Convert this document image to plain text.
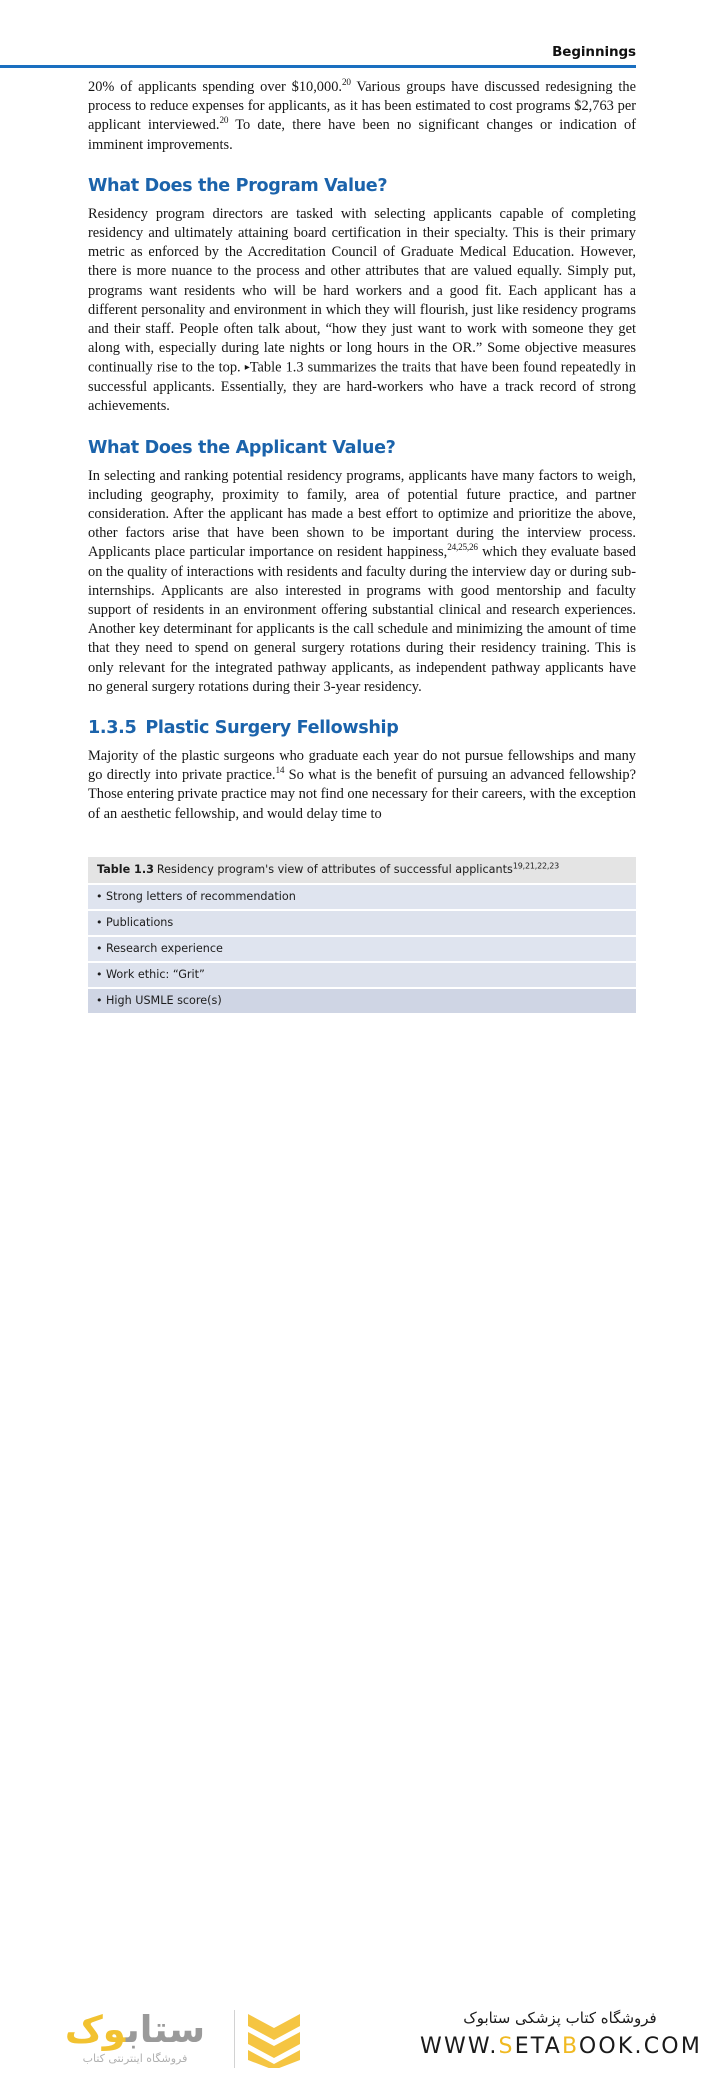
Beginnings

20% of applicants spending over $10,000.20 Various groups have discussed redesigning the process to reduce expenses for applicants, as it has been estimated to cost programs $2,763 per applicant interviewed.$^{20}$ To date, there have been no significant changes or indication of imminent improvements.

What Does the Program Value?

Residency program directors are tasked with selecting applicants capable of completing residency and ultimately attaining board certification in their specialty. This is their primary metric as enforced by the Accreditation Council of Graduate Medical Education. However, there is more nuance to the process and other attributes that are valued equally. Simply put, programs want residents who will be hard workers and a good fit. Each applicant has a different personality and environment in which they will flourish, just like residency programs and their staff. People often talk about, “how they just want to work with someone they get along with, especially during late nights or long hours in the OR.” Some objective measures continually rise to the top. ▸Table 1.3 summarizes the traits that have been found repeatedly in successful applicants. Essentially, they are hard-workers who have a track record of strong achievements.

What Does the Applicant Value?

In selecting and ranking potential residency programs, applicants have many factors to weigh, including geography, proximity to family, area of potential future practice, and partner consideration. After the applicant has made a best effort to optimize and prioritize the above, other factors arise that have been shown to be important during the interview process. Applicants place particular importance on resident happiness,$^{24,25,26}$ which they evaluate based on the quality of interactions with residents and faculty during the interview day or during sub-internships. Applicants are also interested in programs with good mentorship and faculty support of residents in an environment offering substantial clinical and research experiences. Another key determinant for applicants is the call schedule and minimizing the amount of time that they need to spend on general surgery rotations during their residency training. This is only relevant for the integrated pathway applicants, as independent pathway applicants have no general surgery rotations during their 3-year residency.

1.3.5 Plastic Surgery Fellowship

Majority of the plastic surgeons who graduate each year do not pursue fellowships and many go directly into private practice.$^{14}$ So what is the benefit of pursuing an advanced fellowship? Those entering private practice may not find one necessary for their careers, with the exception of an aesthetic fellowship, and would delay time to

Table 1.3 Residency program's view of attributes of successful applicants$^{19,21,22,23}$
• Strong letters of recommendation
• Publications
• Research experience
• Work ethic: “Grit”
• High USMLE score(s)
ستابوک
فروشگاه اینترنتی کتاب
فروشگاه کتاب پزشکی ستابوک
WWW.SETABOOK.COM
